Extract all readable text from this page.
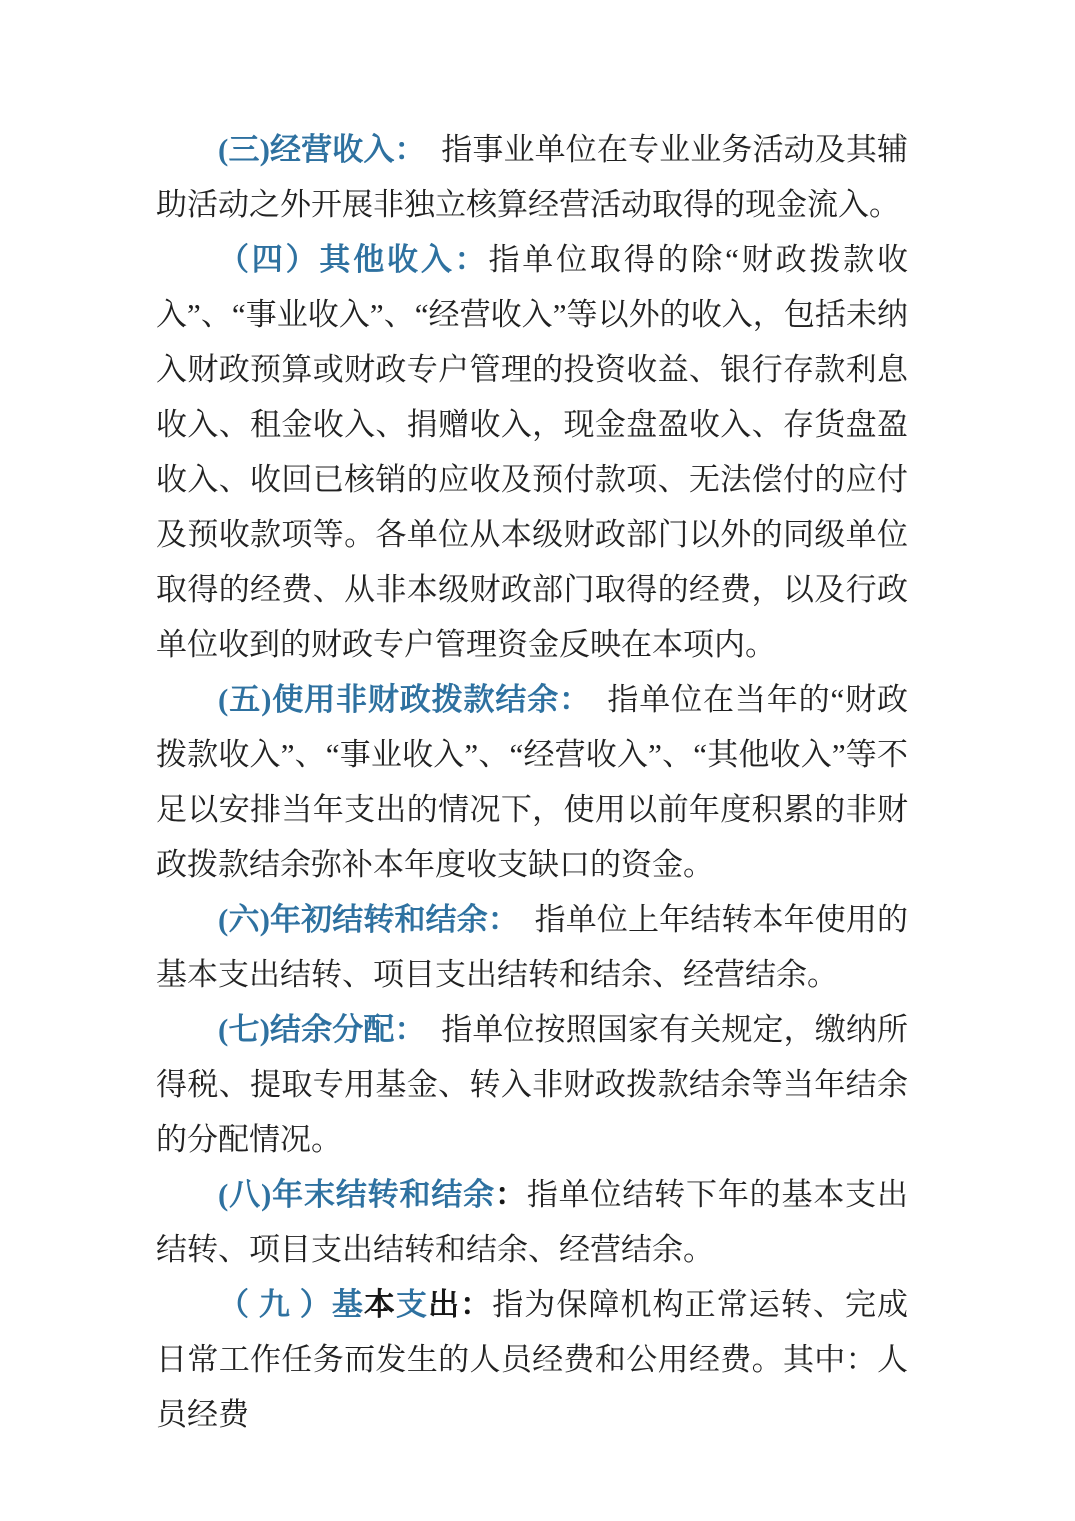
(三)经营收入：　指事业单位在专业业务活动及其辅助活动之外开展非独立核算经营活动取得的现金流入。

（四）其他收入：指单位取得的除“财政拨款收入”、“事业收入”、“经营收入”等以外的收入，包括未纳入财政预算或财政专户管理的投资收益、银行存款利息收入、租金收入、捐赠收入，现金盘盈收入、存货盘盈收入、收回已核销的应收及预付款项、无法偿付的应付及预收款项等。各单位从本级财政部门以外的同级单位取得的经费、从非本级财政部门取得的经费，以及行政单位收到的财政专户管理资金反映在本项内。

(五)使用非财政拨款结余：　指单位在当年的“财政拨款收入”、“事业收入”、“经营收入”、“其他收入”等不足以安排当年支出的情况下，使用以前年度积累的非财政拨款结余弥补本年度收支缺口的资金。

(六)年初结转和结余：　指单位上年结转本年使用的基本支出结转、项目支出结转和结余、经营结余。

(七)结余分配：　指单位按照国家有关规定，缴纳所得税、提取专用基金、转入非财政拨款结余等当年结余的分配情况。

(八)年末结转和结余：指单位结转下年的基本支出结转、项目支出结转和结余、经营结余。

（ 九 ）基本支出：指为保障机构正常运转、完成日常工作任务而发生的人员经费和公用经费。其中：人员经费
